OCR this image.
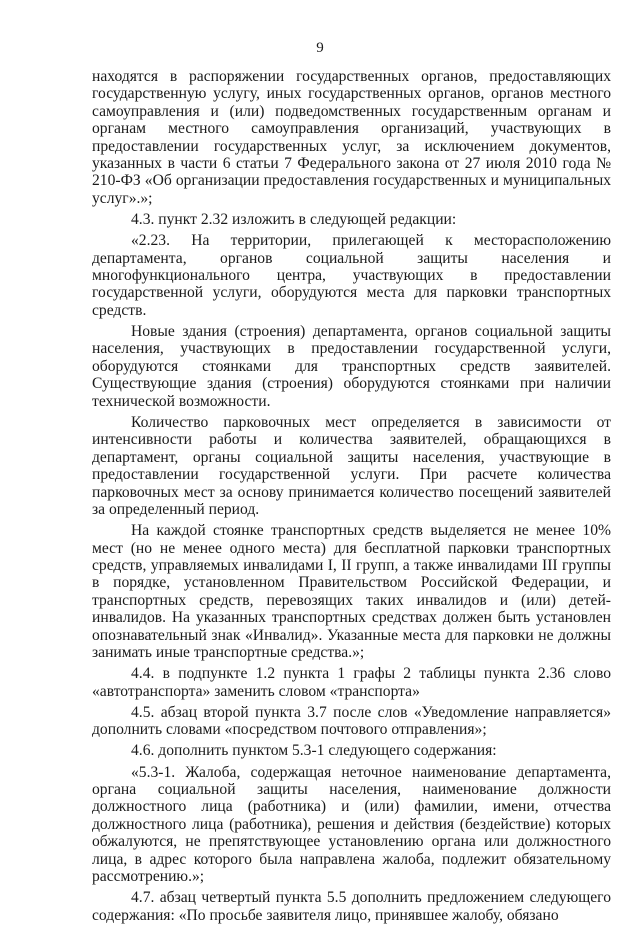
9

находятся в распоряжении государственных органов, предоставляющих государственную услугу, иных государственных органов, органов местного самоуправления и (или) подведомственных государственным органам и органам местного самоуправления организаций, участвующих в предоставлении государственных услуг, за исключением документов, указанных в части 6 статьи 7 Федерального закона от 27 июля 2010 года № 210-ФЗ «Об организации предоставления государственных и муниципальных услуг».»;

4.3. пункт 2.32 изложить в следующей редакции:

«2.23. На территории, прилегающей к месторасположению департамента, органов социальной защиты населения и многофункционального центра, участвующих в предоставлении государственной услуги, оборудуются места для парковки транспортных средств.

Новые здания (строения) департамента, органов социальной защиты населения, участвующих в предоставлении государственной услуги, оборудуются стоянками для транспортных средств заявителей. Существующие здания (строения) оборудуются стоянками при наличии технической возможности.

Количество парковочных мест определяется в зависимости от интенсивности работы и количества заявителей, обращающихся в департамент, органы социальной защиты населения, участвующие в предоставлении государственной услуги. При расчете количества парковочных мест за основу принимается количество посещений заявителей за определенный период.

На каждой стоянке транспортных средств выделяется не менее 10% мест (но не менее одного места) для бесплатной парковки транспортных средств, управляемых инвалидами I, II групп, а также инвалидами III группы в порядке, установленном Правительством Российской Федерации, и транспортных средств, перевозящих таких инвалидов и (или) детей-инвалидов. На указанных транспортных средствах должен быть установлен опознавательный знак «Инвалид». Указанные места для парковки не должны занимать иные транспортные средства.»;

4.4. в подпункте 1.2 пункта 1 графы 2 таблицы пункта 2.36 слово «автотранспорта» заменить словом «транспорта»

4.5. абзац второй пункта 3.7 после слов «Уведомление направляется» дополнить словами «посредством почтового отправления»;

4.6. дополнить пунктом 5.3-1 следующего содержания:

«5.3-1. Жалоба, содержащая неточное наименование департамента, органа социальной защиты населения, наименование должности должностного лица (работника) и (или) фамилии, имени, отчества должностного лица (работника), решения и действия (бездействие) которых обжалуются, не препятствующее установлению органа или должностного лица, в адрес которого была направлена жалоба, подлежит обязательному рассмотрению.»;

4.7. абзац четвертый пункта 5.5 дополнить предложением следующего содержания: «По просьбе заявителя лицо, принявшее жалобу, обязано
